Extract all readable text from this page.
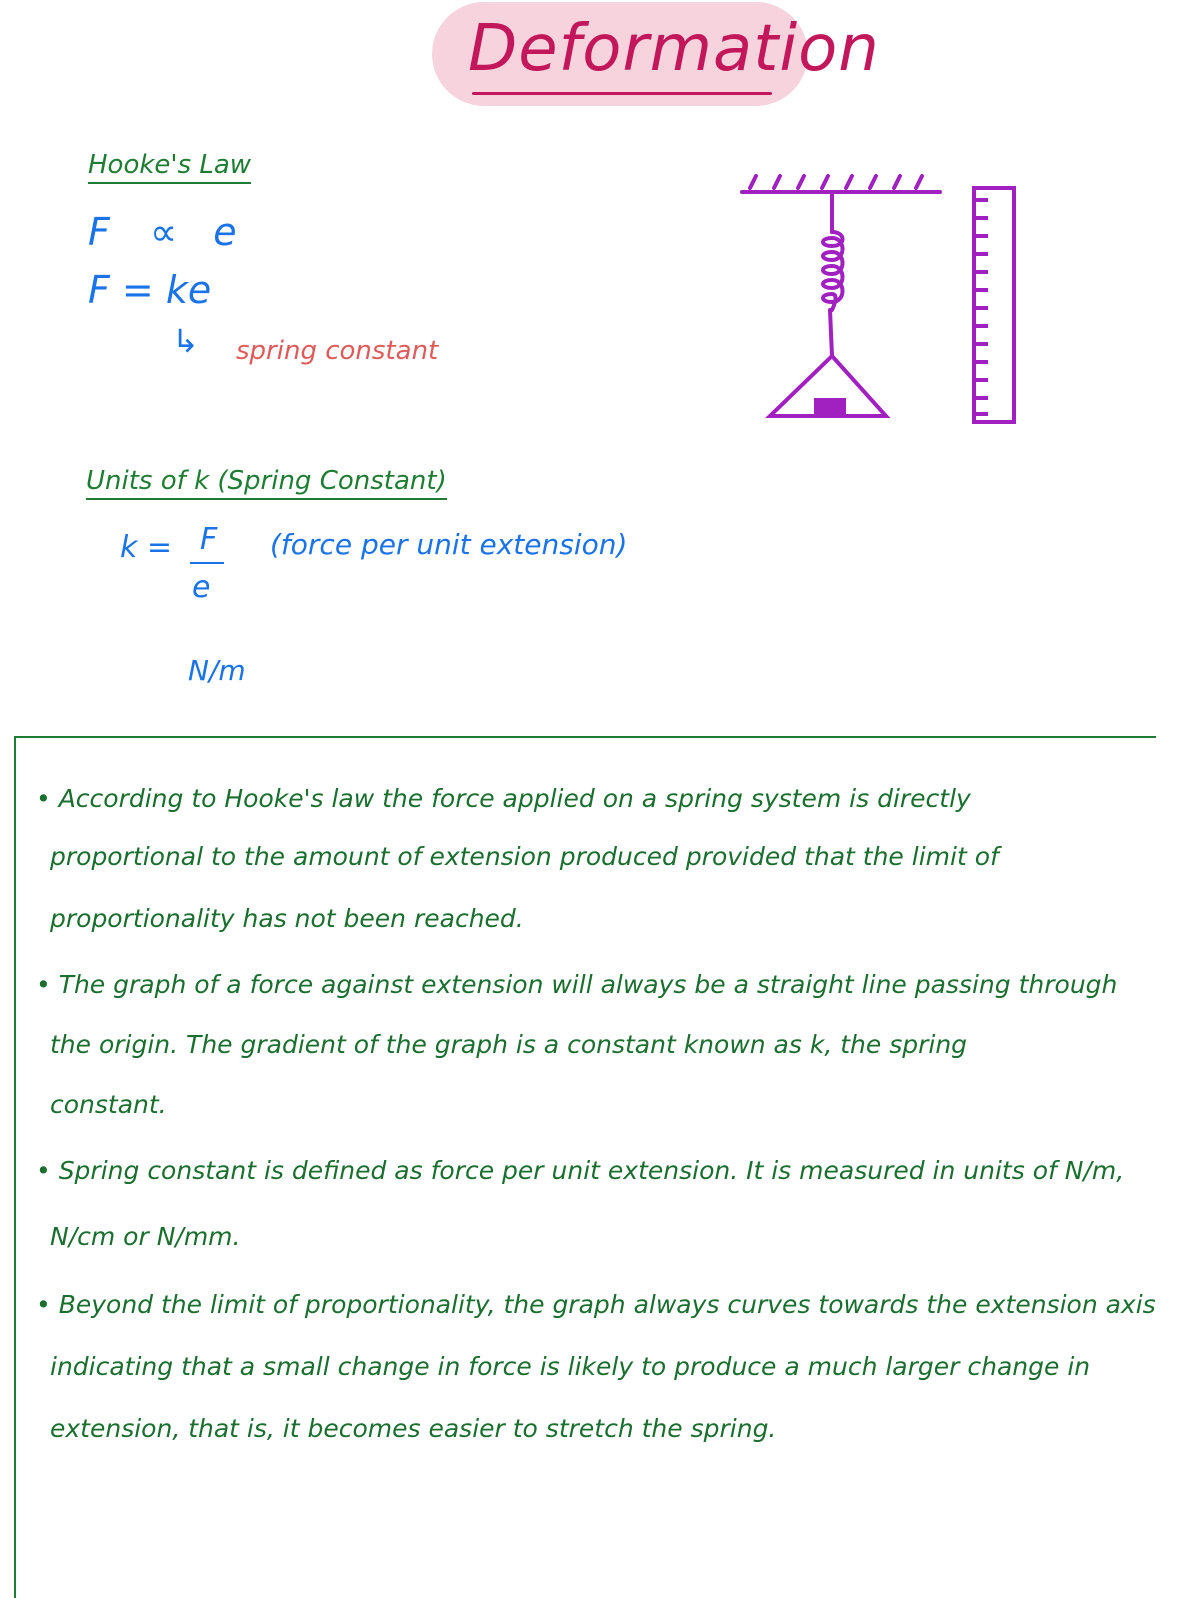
Deformation
Hooke's Law
F ∝ e
F = ke
↳ spring constant
Units of k (Spring Constant)
k = F
e
(force per unit extension)
N/m
• According to Hooke's law the force applied on a spring system is directly
proportional to the amount of extension produced provided that the limit of
proportionality has not been reached.
• The graph of a force against extension will always be a straight line passing through
the origin. The gradient of the graph is a constant known as k, the spring
constant.
• Spring constant is defined as force per unit extension. It is measured in units of N/m,
N/cm or N/mm.
• Beyond the limit of proportionality, the graph always curves towards the extension axis
indicating that a small change in force is likely to produce a much larger change in
extension, that is, it becomes easier to stretch the spring.
